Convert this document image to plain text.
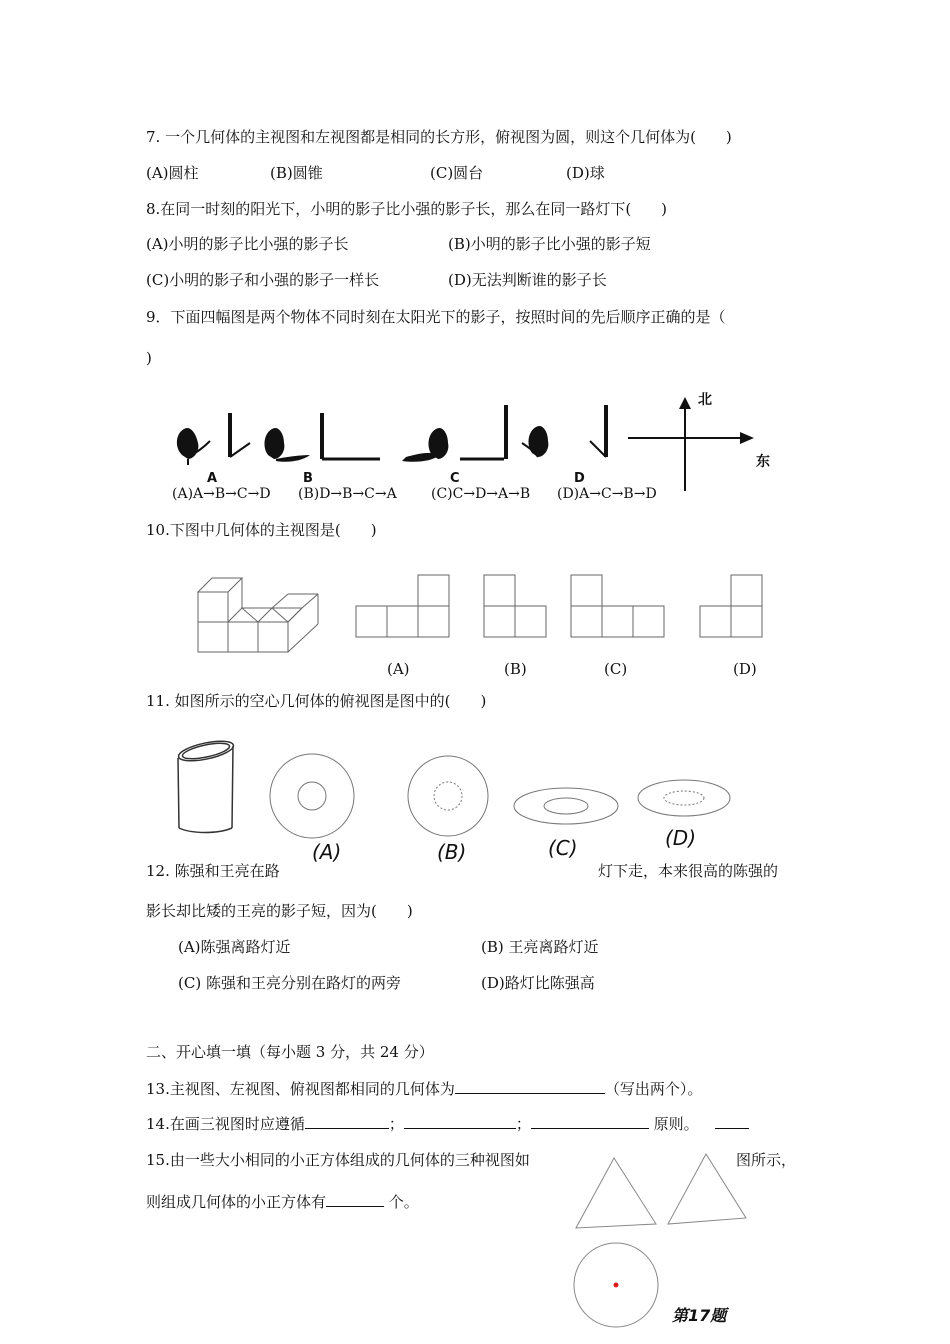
7. 一个几何体的主视图和左视图都是相同的长方形，俯视图为圆，则这个几何体为(　　)
(A)圆柱	(B)圆锥	(C)圆台	(D)球
8.在同一时刻的阳光下，小明的影子比小强的影子长，那么在同一路灯下(　　)
(A)小明的影子比小强的影子长	(B)小明的影子比小强的影子短
(C)小明的影子和小强的影子一样长	(D)无法判断谁的影子长
9．下面四幅图是两个物体不同时刻在太阳光下的影子，按照时间的先后顺序正确的是（
)
A	B	C	D
北
东
(A)A→B→C→D (B)D→B→C→A (C)C→D→A→B (D)A→C→B→D
10.下图中几何体的主视图是(　　)
(A)	(B)	(C)	(D)
11. 如图所示的空心几何体的俯视图是图中的(　　)
(A)	(B)	(C)	(D)
12. 陈强和王亮在路	灯下走，本来很高的陈强的
影长却比矮的王亮的影子短，因为(　　)
(A)陈强离路灯近	(B) 王亮离路灯近
(C) 陈强和王亮分别在路灯的两旁	(D)路灯比陈强高
二、开心填一填（每小题 3 分，共 24 分）
13.主视图、左视图、俯视图都相同的几何体为	（写出两个）。
14.在画三视图时应遵循	；	；	原则。
15.由一些大小相同的小正方体组成的几何体的三种视图如	图所示，
则组成几何体的小正方体有	个。
第17题
